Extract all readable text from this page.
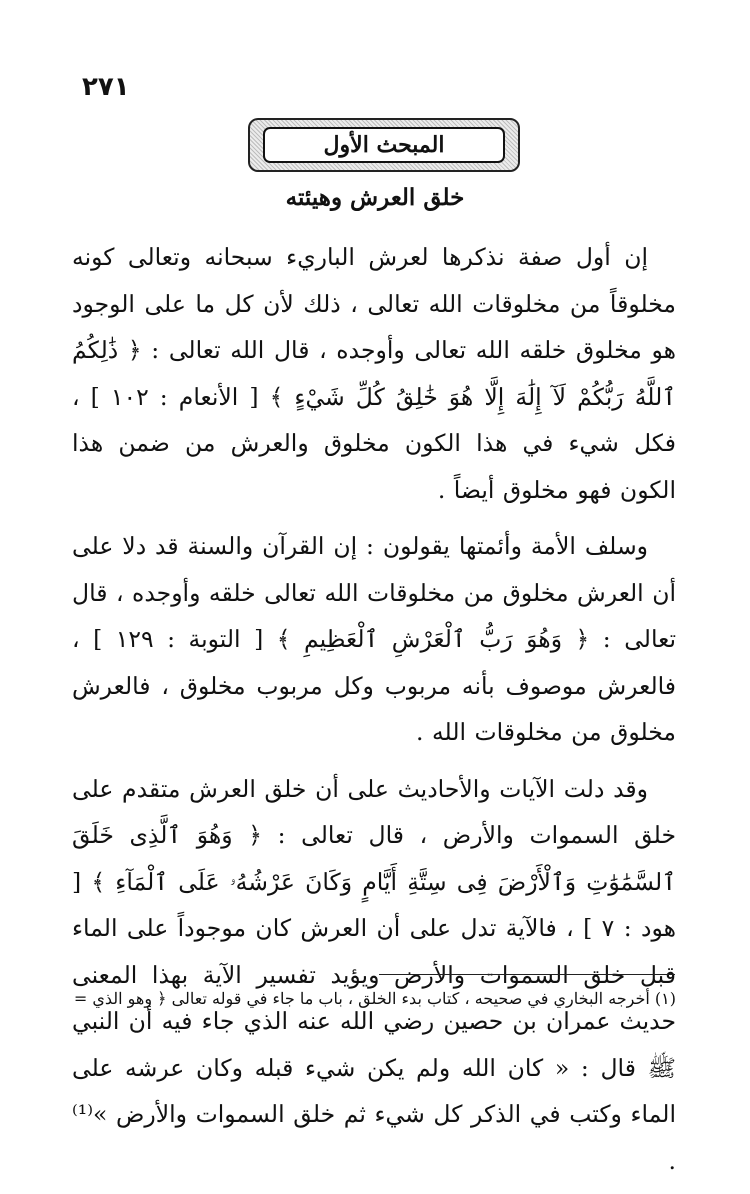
٢٧١
المبحث الأول
خلق العرش وهيئته

إن أول صفة نذكرها لعرش الباريء سبحانه وتعالى كونه مخلوقاً من مخلوقات الله تعالى ، ذلك لأن كل ما على الوجود هو مخلوق خلقه الله تعالى وأوجده ، قال الله تعالى : ﴿ ذَٰلِكُمُ ٱللَّهُ رَبُّكُمْ لَآ إِلَٰهَ إِلَّا هُوَ خَٰلِقُ كُلِّ شَيْءٍ ﴾ [ الأنعام : ١٠٢ ] ، فكل شيء في هذا الكون مخلوق والعرش من ضمن هذا الكون فهو مخلوق أيضاً .

وسلف الأمة وأئمتها يقولون : إن القرآن والسنة قد دلا على أن العرش مخلوق من مخلوقات الله تعالى خلقه وأوجده ، قال تعالى : ﴿ وَهُوَ رَبُّ ٱلْعَرْشِ ٱلْعَظِيمِ ﴾ [ التوبة : ١٢٩ ] ، فالعرش موصوف بأنه مربوب وكل مربوب مخلوق ، فالعرش مخلوق من مخلوقات الله .

وقد دلت الآيات والأحاديث على أن خلق العرش متقدم على خلق السموات والأرض ، قال تعالى : ﴿ وَهُوَ ٱلَّذِى خَلَقَ ٱلسَّمَٰوَٰتِ وَٱلْأَرْضَ فِى سِتَّةِ أَيَّامٍ وَكَانَ عَرْشُهُۥ عَلَى ٱلْمَآءِ ﴾ [ هود : ٧ ] ، فالآية تدل على أن العرش كان موجوداً على الماء قبل خلق السموات والأرض ويؤيد تفسير الآية بهذا المعنى حديث عمران بن حصين رضي الله عنه الذي جاء فيه أن النبي ﷺ قال : « كان الله ولم يكن شيء قبله وكان عرشه على الماء وكتب في الذكر كل شيء ثم خلق السموات والأرض »⁽¹⁾ .

(١) أخرجه البخاري في صحيحه ، كتاب بدء الخلق ، باب ما جاء في قوله تعالى ﴿ وهو الذي =
